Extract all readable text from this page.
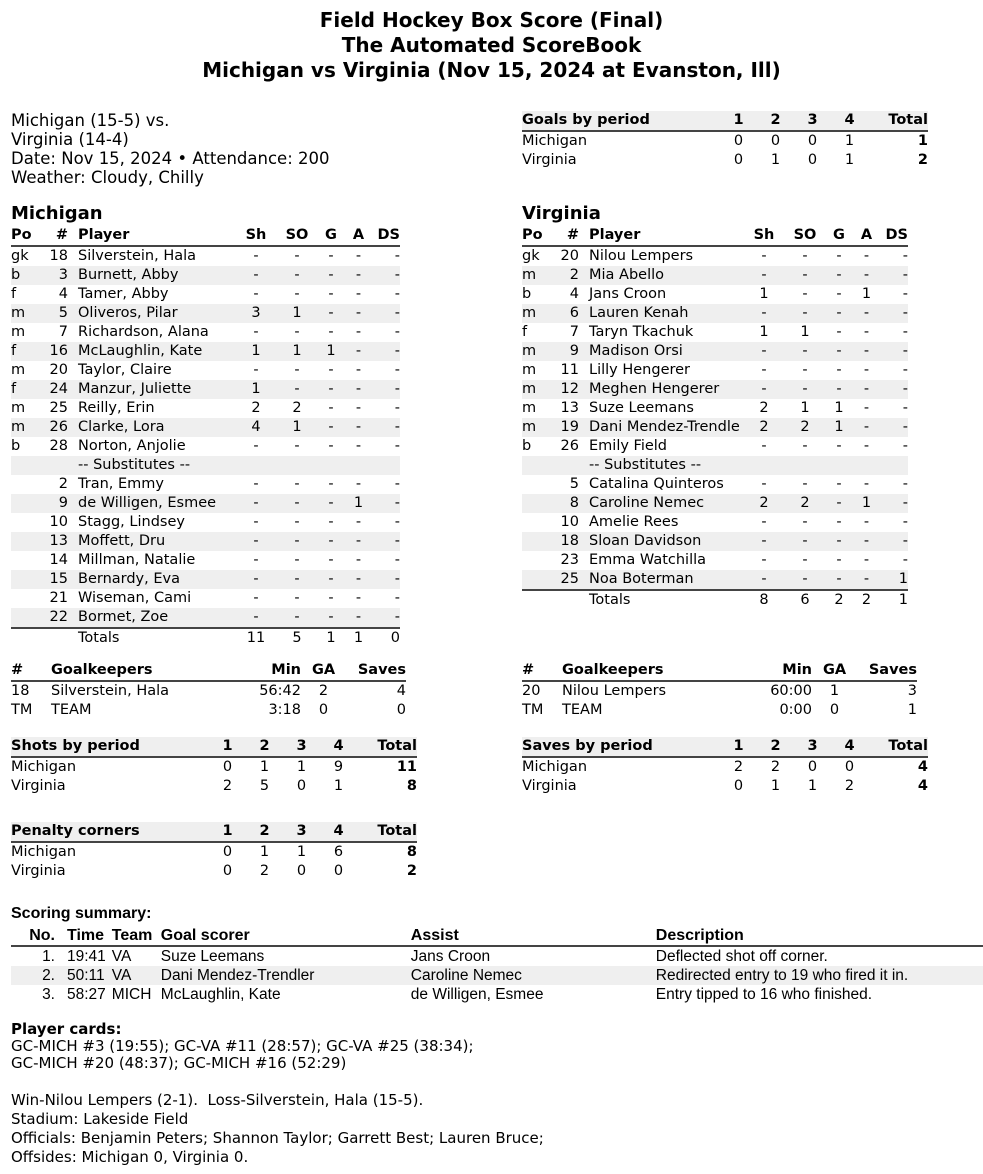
Field Hockey Box Score (Final)
The Automated ScoreBook
Michigan vs Virginia (Nov 15, 2024 at Evanston, Ill)
Michigan (15-5) vs.
Virginia (14-4)
Date: Nov 15, 2024 • Attendance: 200
Weather: Cloudy, Chilly
Goals by period	1	2	3	4	Total
Michigan	0	0	0	1	1
Virginia	0	1	0	1	2
Michigan
Po	#	Player	Sh	SO	G	A	DS
gk	18	Silverstein, Hala	-	-	-	-	-
b	3	Burnett, Abby	-	-	-	-	-
f	4	Tamer, Abby	-	-	-	-	-
m	5	Oliveros, Pilar	3	1	-	-	-
m	7	Richardson, Alana	-	-	-	-	-
f	16	McLaughlin, Kate	1	1	1	-	-
m	20	Taylor, Claire	-	-	-	-	-
f	24	Manzur, Juliette	1	-	-	-	-
m	25	Reilly, Erin	2	2	-	-	-
m	26	Clarke, Lora	4	1	-	-	-
b	28	Norton, Anjolie	-	-	-	-	-
		-- Substitutes --					
	2	Tran, Emmy	-	-	-	-	-
	9	de Willigen, Esmee	-	-	-	1	-
	10	Stagg, Lindsey	-	-	-	-	-
	13	Moffett, Dru	-	-	-	-	-
	14	Millman, Natalie	-	-	-	-	-
	15	Bernardy, Eva	-	-	-	-	-
	21	Wiseman, Cami	-	-	-	-	-
	22	Bormet, Zoe	-	-	-	-	-
		Totals	11	5	1	1	0
Virginia
Po	#	Player	Sh	SO	G	A	DS
gk	20	Nilou Lempers	-	-	-	-	-
m	2	Mia Abello	-	-	-	-	-
b	4	Jans Croon	1	-	-	1	-
m	6	Lauren Kenah	-	-	-	-	-
f	7	Taryn Tkachuk	1	1	-	-	-
m	9	Madison Orsi	-	-	-	-	-
m	11	Lilly Hengerer	-	-	-	-	-
m	12	Meghen Hengerer	-	-	-	-	-
m	13	Suze Leemans	2	1	1	-	-
m	19	Dani Mendez-Trendle	2	2	1	-	-
b	26	Emily Field	-	-	-	-	-
		-- Substitutes --					
	5	Catalina Quinteros	-	-	-	-	-
	8	Caroline Nemec	2	2	-	1	-
	10	Amelie Rees	-	-	-	-	-
	18	Sloan Davidson	-	-	-	-	-
	23	Emma Watchilla	-	-	-	-	-
	25	Noa Boterman	-	-	-	-	1
		Totals	8	6	2	2	1
#	Goalkeepers	Min	GA	Saves
18	Silverstein, Hala	56:42	2	4
TM	TEAM	3:18	0	0
#	Goalkeepers	Min	GA	Saves
20	Nilou Lempers	60:00	1	3
TM	TEAM	0:00	0	1
Shots by period	1	2	3	4	Total
Michigan	0	1	1	9	11
Virginia	2	5	0	1	8
Saves by period	1	2	3	4	Total
Michigan	2	2	0	0	4
Virginia	0	1	1	2	4
Penalty corners	1	2	3	4	Total
Michigan	0	1	1	6	8
Virginia	0	2	0	0	2
Scoring summary:
No.	Time	Team	Goal scorer	Assist	Description
1.	19:41	VA	Suze Leemans	Jans Croon	Deflected shot off corner.
2.	50:11	VA	Dani Mendez-Trendler	Caroline Nemec	Redirected entry to 19 who fired it in.
3.	58:27	MICH	McLaughlin, Kate	de Willigen, Esmee	Entry tipped to 16 who finished.
Player cards:
GC-MICH #3 (19:55); GC-VA #11 (28:57); GC-VA #25 (38:34);
GC-MICH #20 (48:37); GC-MICH #16 (52:29)
Win-Nilou Lempers (2-1).  Loss-Silverstein, Hala (15-5).
Stadium: Lakeside Field
Officials: Benjamin Peters; Shannon Taylor; Garrett Best; Lauren Bruce;
Offsides: Michigan 0, Virginia 0.
